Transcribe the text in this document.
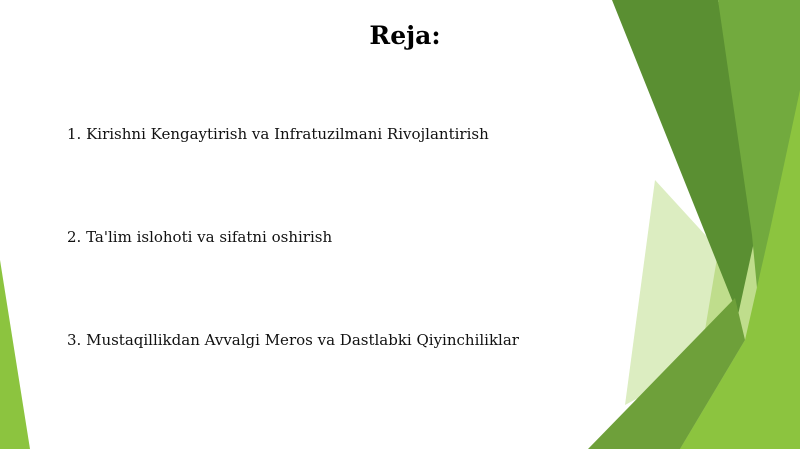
Reja:
1. Kirishni Kengaytirish va Infratuzilmani Rivojlantirish
2. Ta'lim islohoti va sifatni oshirish
3. Mustaqillikdan Avvalgi Meros va Dastlabki Qiyinchiliklar
